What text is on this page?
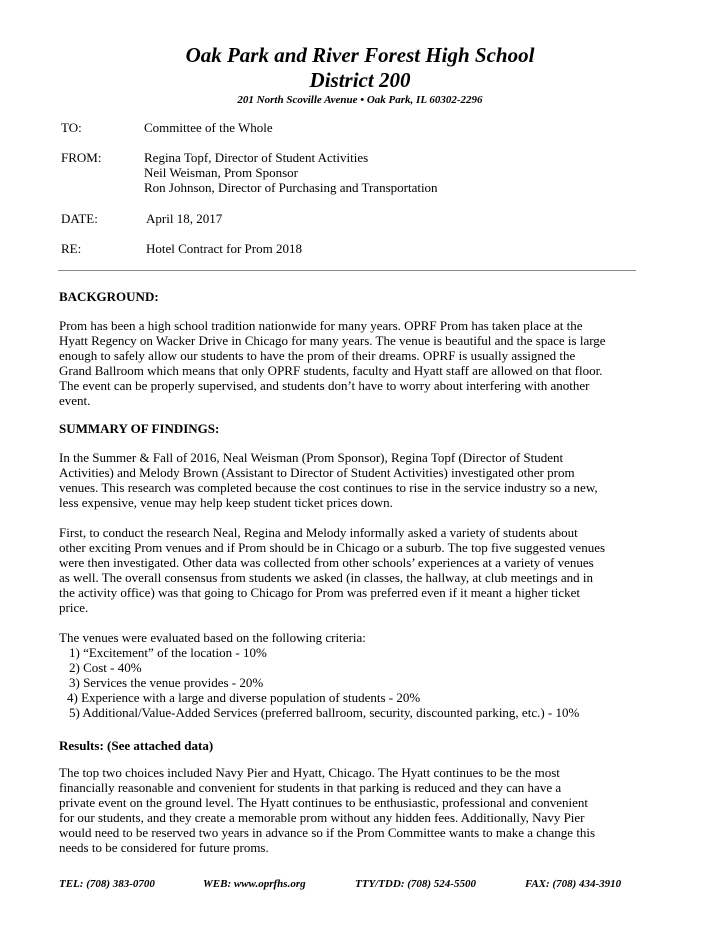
Oak Park and River Forest High School
District 200
201 North Scoville Avenue • Oak Park, IL 60302-2296
TO:	Committee of the Whole
FROM:	Regina Topf, Director of Student Activities
Neil Weisman, Prom Sponsor
Ron Johnson, Director of Purchasing and Transportation
DATE:	April 18, 2017
RE:	Hotel Contract for Prom 2018

BACKGROUND:

Prom has been a high school tradition nationwide for many years. OPRF Prom has taken place at the

Hyatt Regency on Wacker Drive in Chicago for many years. The venue is beautiful and the space is large

enough to safely allow our students to have the prom of their dreams. OPRF is usually assigned the

Grand Ballroom which means that only OPRF students, faculty and Hyatt staff are allowed on that floor.

The event can be properly supervised, and students don’t have to worry about interfering with another

event.

SUMMARY OF FINDINGS:

In the Summer & Fall of 2016, Neal Weisman (Prom Sponsor), Regina Topf (Director of Student

Activities) and Melody Brown (Assistant to Director of Student Activities) investigated other prom

venues. This research was completed because the cost continues to rise in the service industry so a new,

less expensive, venue may help keep student ticket prices down.

First, to conduct the research Neal, Regina and Melody informally asked a variety of students about

other exciting Prom venues and if Prom should be in Chicago or a suburb. The top five suggested venues

were then investigated. Other data was collected from other schools’ experiences at a variety of venues

as well. The overall consensus from students we asked (in classes, the hallway, at club meetings and in

the activity office) was that going to Chicago for Prom was preferred even if it meant a higher ticket

price.

The venues were evaluated based on the following criteria:

1) “Excitement” of the location - 10%

2) Cost - 40%

3) Services the venue provides - 20%

4) Experience with a large and diverse population of students - 20%

5) Additional/Value-Added Services (preferred ballroom, security, discounted parking, etc.) - 10%

Results: (See attached data)

The top two choices included Navy Pier and Hyatt, Chicago. The Hyatt continues to be the most

financially reasonable and convenient for students in that parking is reduced and they can have a

private event on the ground level. The Hyatt continues to be enthusiastic, professional and convenient

for our students, and they create a memorable prom without any hidden fees. Additionally, Navy Pier

would need to be reserved two years in advance so if the Prom Committee wants to make a change this

needs to be considered for future proms.

TEL: (708) 383-0700	WEB: www.oprfhs.org	TTY/TDD: (708) 524-5500	FAX: (708) 434-3910
